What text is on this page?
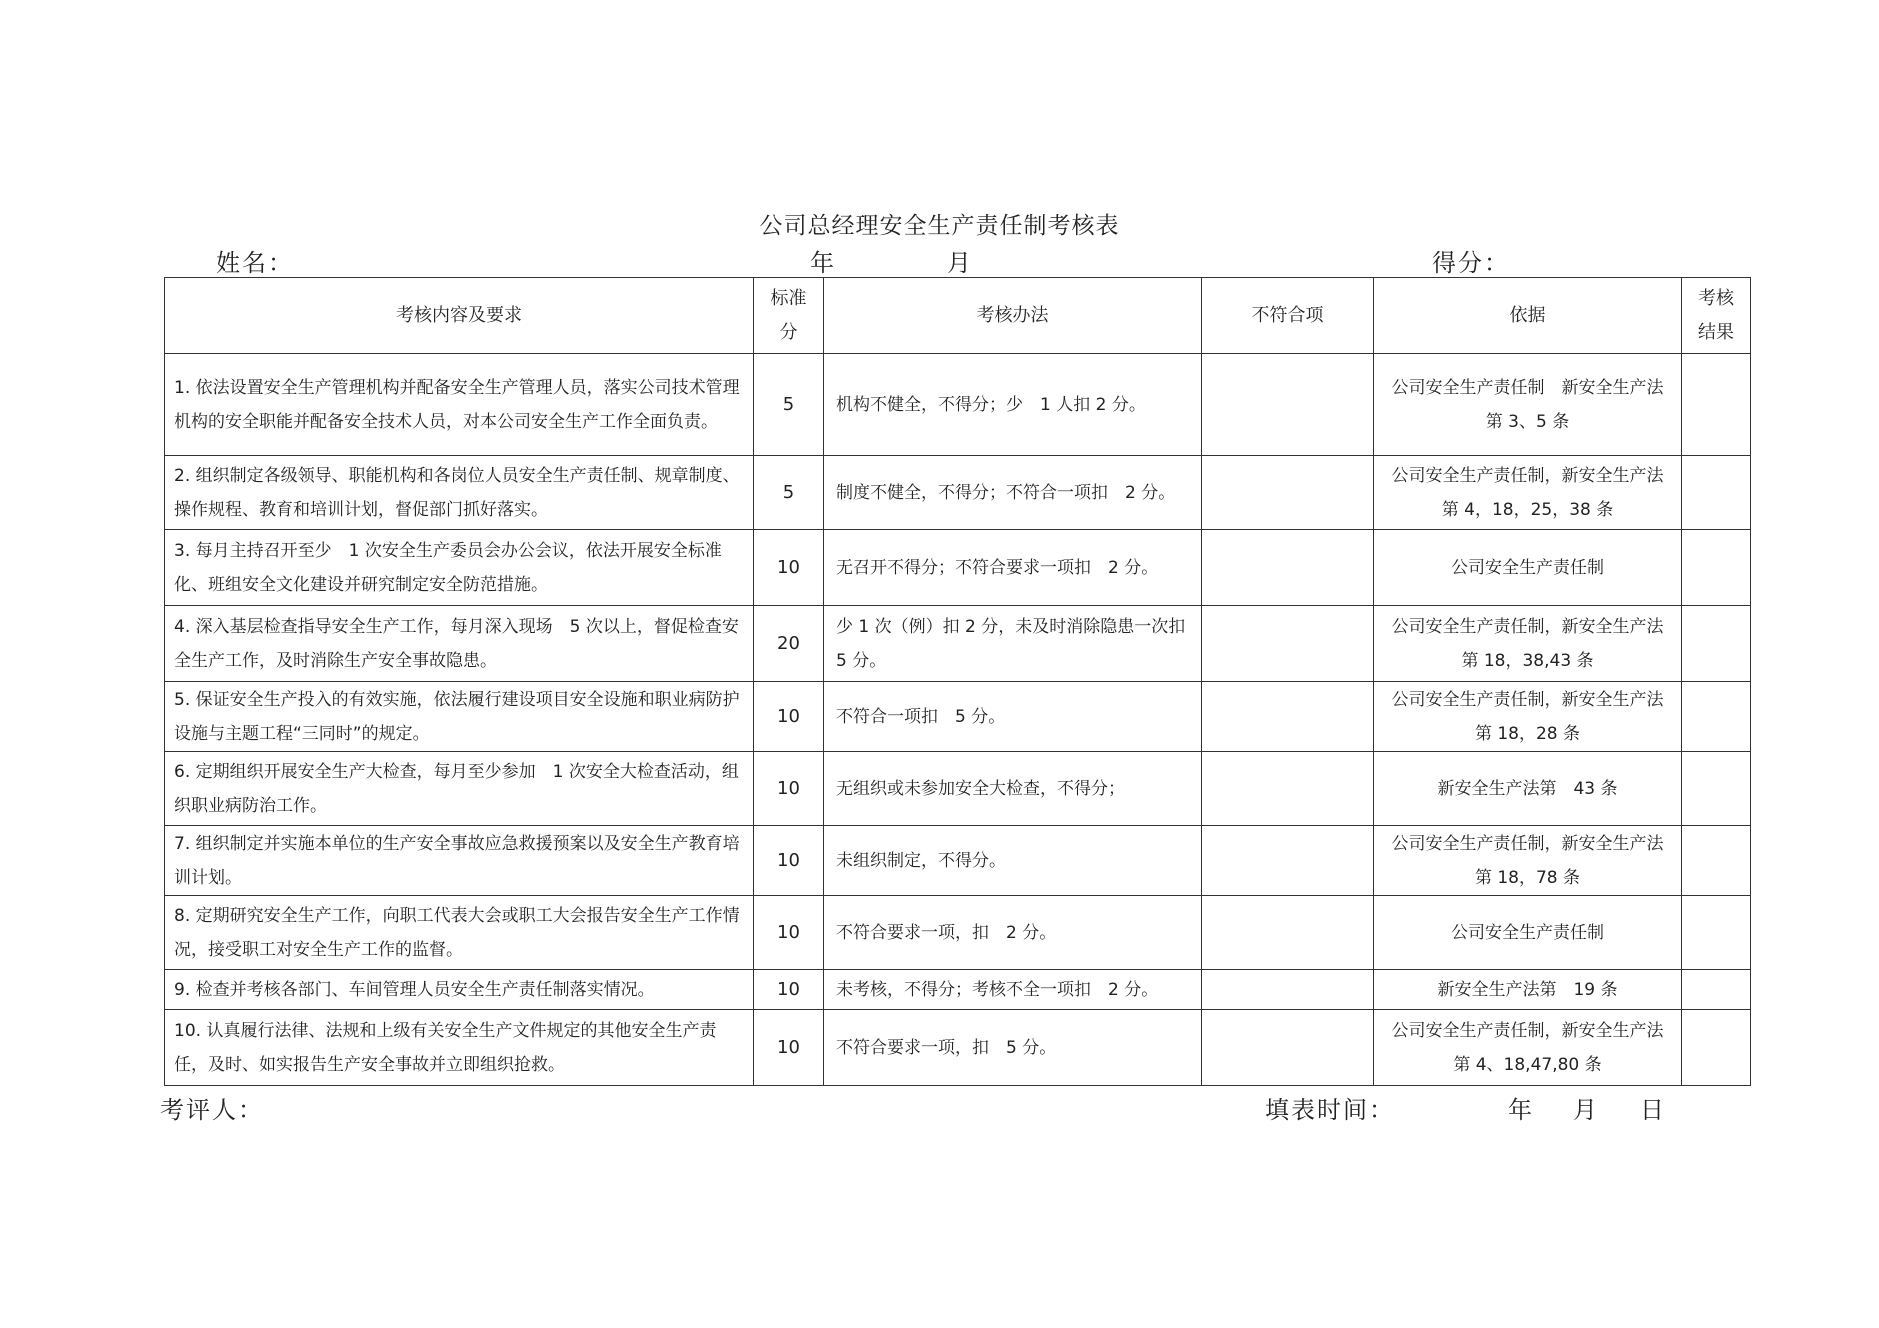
公司总经理安全生产责任制考核表
姓名：	年	月	得分：
考核内容及要求	标准分	考核办法	不符合项	依据	考核结果
1. 依法设置安全生产管理机构并配备安全生产管理人员，落实公司技术管理机构的安全职能并配备安全技术人员，对本公司安全生产工作全面负责。	5	机构不健全，不得分；少　1 人扣 2 分。		公司安全生产责任制　新安全生产法第 3、5 条	
2. 组织制定各级领导、职能机构和各岗位人员安全生产责任制、规章制度、操作规程、教育和培训计划，督促部门抓好落实。	5	制度不健全，不得分；不符合一项扣　2 分。		公司安全生产责任制，新安全生产法第 4，18，25，38 条	
3. 每月主持召开至少　1 次安全生产委员会办公会议，依法开展安全标准化、班组安全文化建设并研究制定安全防范措施。	10	无召开不得分；不符合要求一项扣　2 分。		公司安全生产责任制	
4. 深入基层检查指导安全生产工作，每月深入现场　5 次以上，督促检查安全生产工作，及时消除生产安全事故隐患。	20	少 1 次（例）扣 2 分，未及时消除隐患一次扣 5 分。		公司安全生产责任制，新安全生产法第 18，38,43 条	
5. 保证安全生产投入的有效实施，依法履行建设项目安全设施和职业病防护设施与主题工程“三同时”的规定。	10	不符合一项扣　5 分。		公司安全生产责任制，新安全生产法第 18，28 条	
6. 定期组织开展安全生产大检查，每月至少参加　1 次安全大检查活动，组织职业病防治工作。	10	无组织或未参加安全大检查，不得分；		新安全生产法第　43 条	
7. 组织制定并实施本单位的生产安全事故应急救援预案以及安全生产教育培训计划。	10	未组织制定，不得分。		公司安全生产责任制，新安全生产法第 18，78 条	
8. 定期研究安全生产工作，向职工代表大会或职工大会报告安全生产工作情况，接受职工对安全生产工作的监督。	10	不符合要求一项，扣　2 分。		公司安全生产责任制	
9. 检查并考核各部门、车间管理人员安全生产责任制落实情况。	10	未考核，不得分；考核不全一项扣　2 分。		新安全生产法第　19 条	
10. 认真履行法律、法规和上级有关安全生产文件规定的其他安全生产责任，及时、如实报告生产安全事故并立即组织抢救。	10	不符合要求一项，扣　5 分。		公司安全生产责任制，新安全生产法第 4、18,47,80 条	
考评人：	填表时间：	年 月 日
